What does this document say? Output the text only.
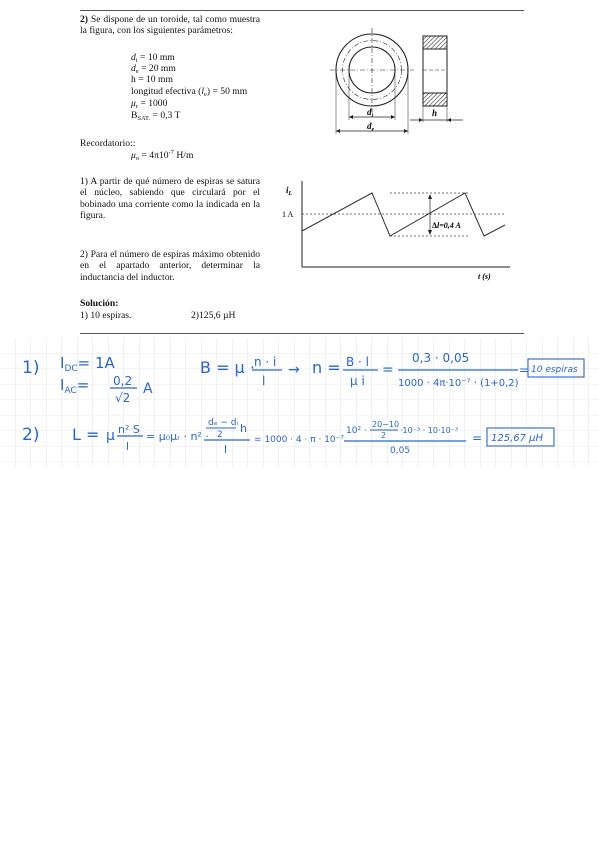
2) Se dispone de un toroide, tal como muestra la figura, con los siguientes parámetros:
$d_i = 10$ mm
$d_e = 20$ mm
h = 10 mm
longitud efectiva $(l_e) = 50$ mm
$\mu_r = 1000$
$B_{SAT.} = 0,3$ T
Recordatorio::
$\mu_o = 4\pi 10^{-7}$ H/m
1) A partir de qué número de espiras se satura el núcleo, sabiendo que circulará por el bobinado una corriente como la indicada en la figura.
2) Para el número de espiras máximo obtenido en el apartado anterior, determinar la inductancia del inductor.
Solución:
1) 10 espiras.	2)125,6 µH
$d_i$
$d_e$
h
$i_L$
1 A
Δl=0,4 A
t (s)
1) $I_{DC}= 1A$
$I_{AC}= 0,2$
√2
A
B = μ · n · i
l
→ n = B · l
μ i
=
0,3 · 0,05
1000 · 4π·10⁻⁷ · (1+0,2)
= 10 espiras
2) L = μ n² S
l
= μ₀μᵣ · n² ·
dₑ − dᵢ
2 h
l
= 1000 · 4 · π · 10⁻⁷
10² ·
20−10
2
·10⁻³ · 10·10⁻³
0,05
= 125,67 μH
